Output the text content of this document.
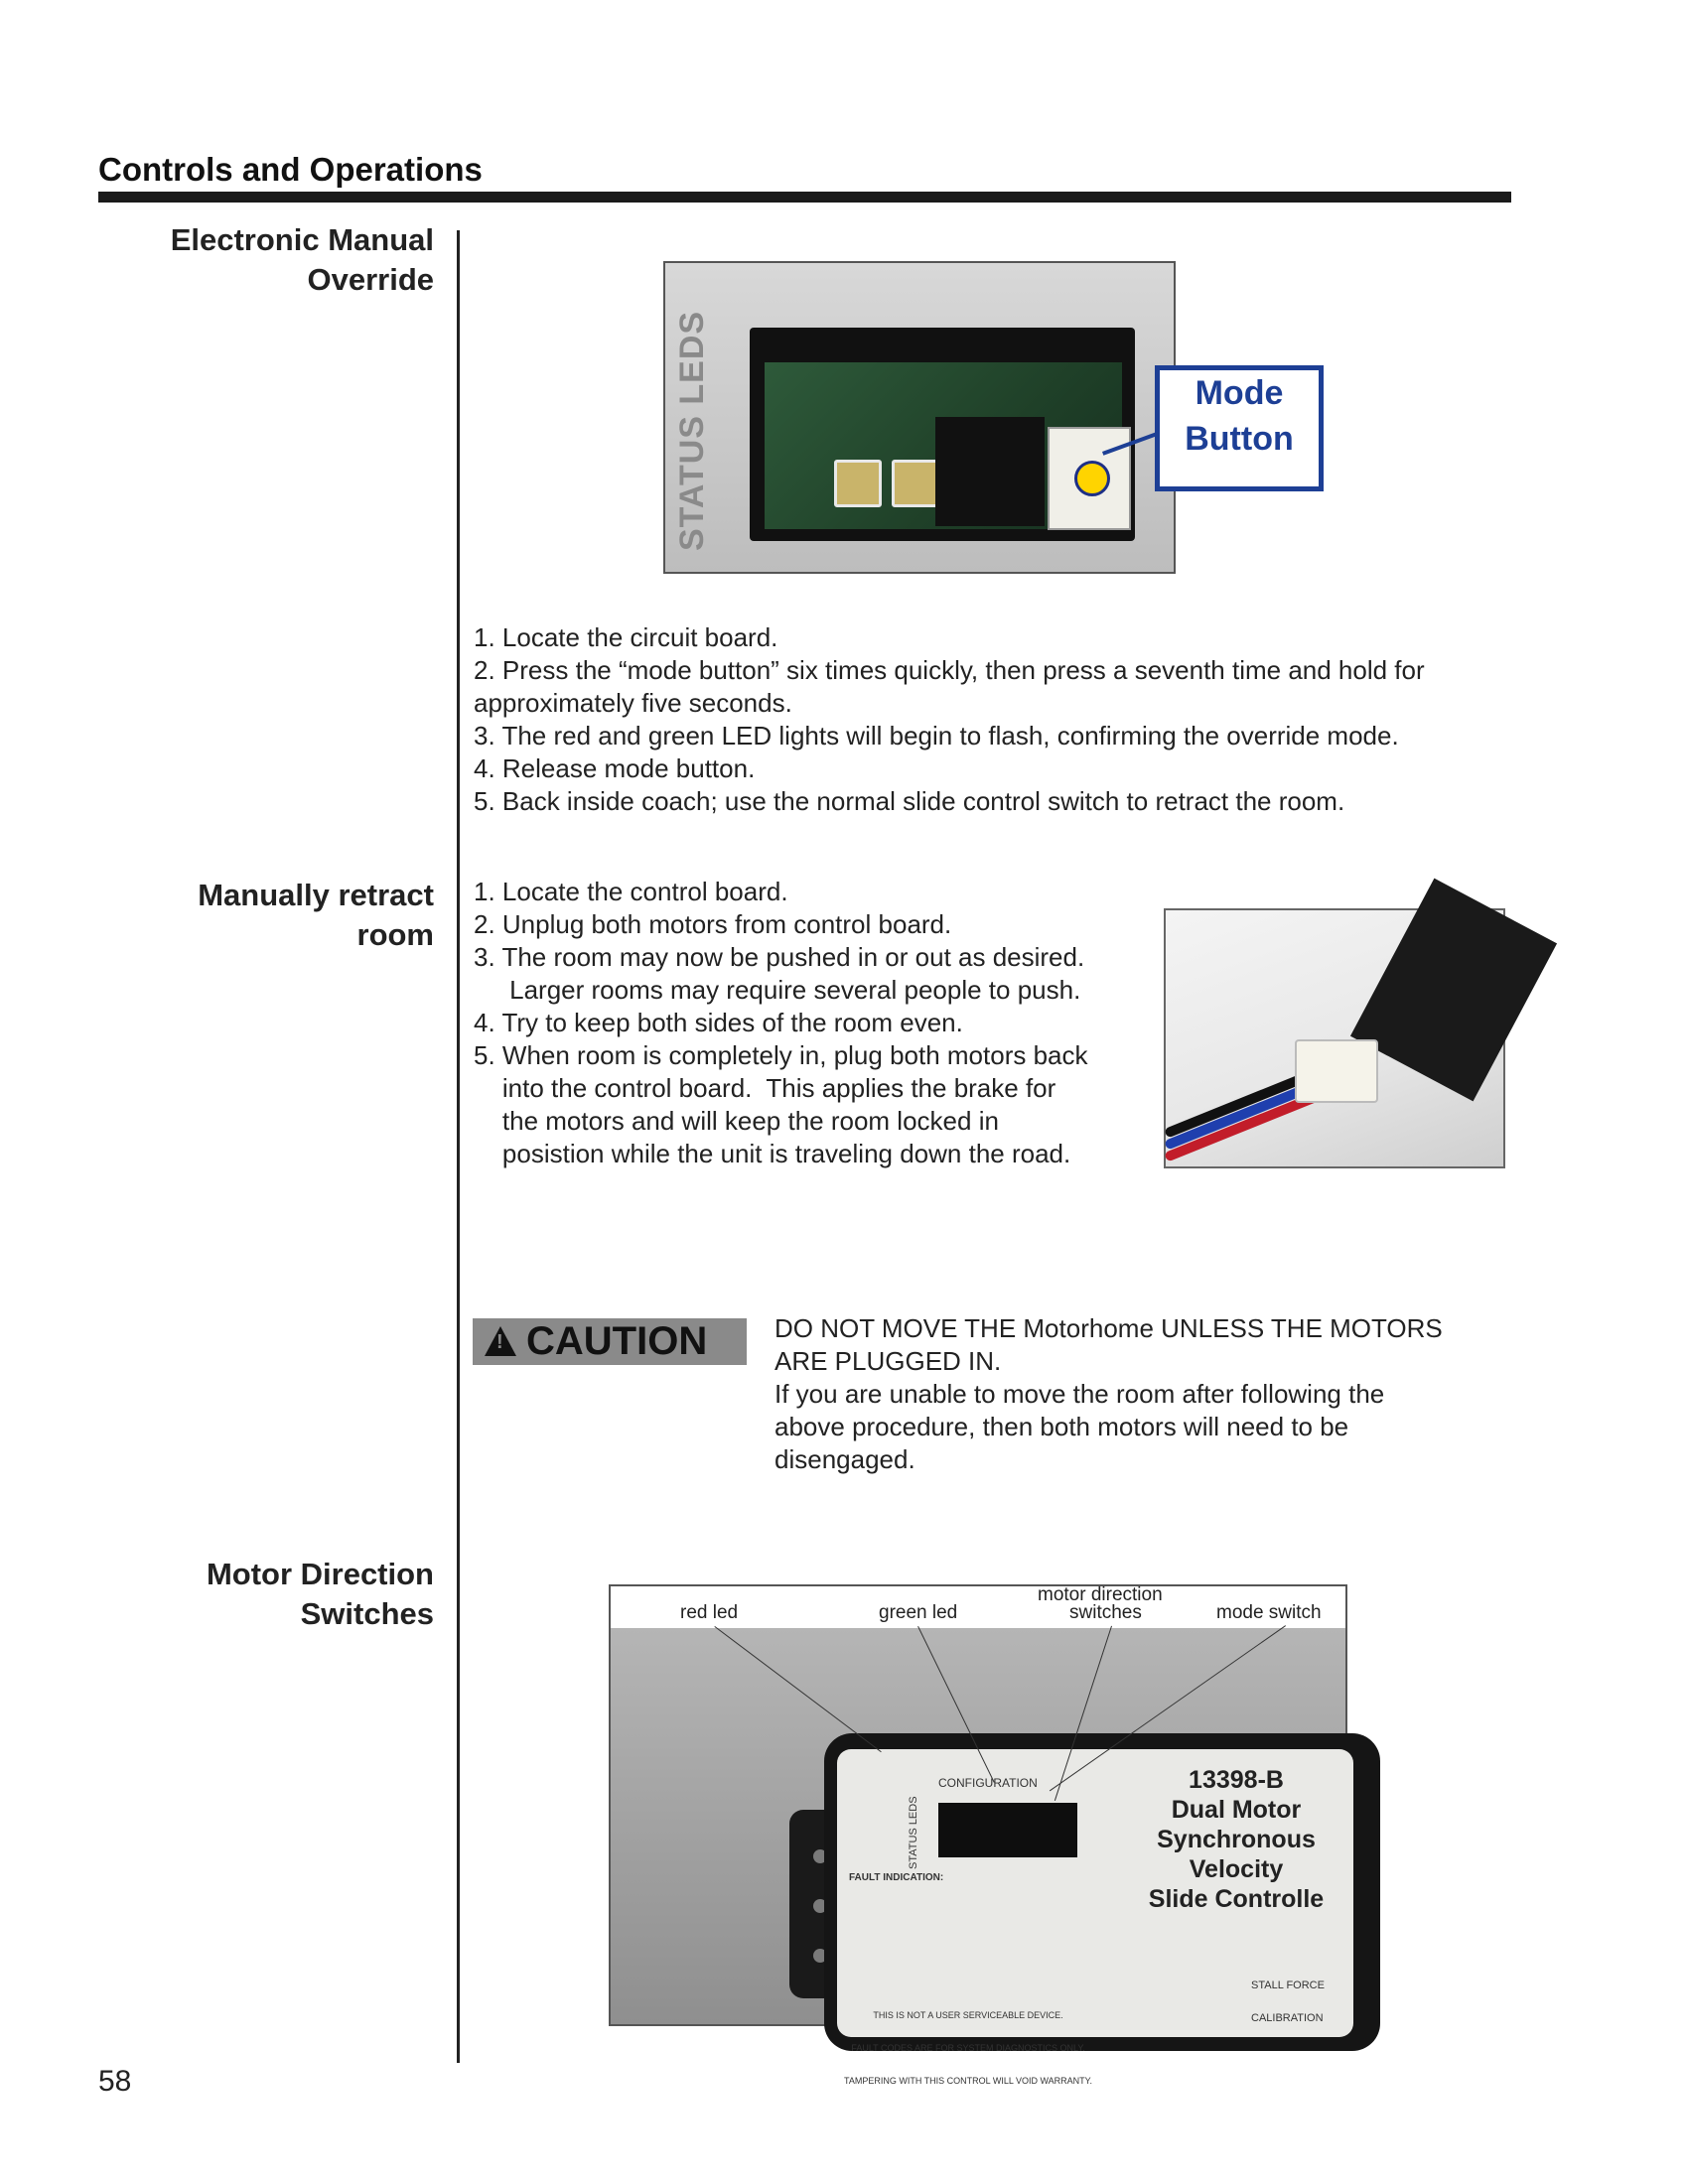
Controls and Operations
Electronic Manual
Override
Manually retract
room
Motor Direction
Switches
STATUS LEDS	Mode
Button
1. Locate the circuit board.
2. Press the “mode button” six times quickly, then press a seventh time and hold for
approximately five seconds.
3. The red and green LED lights will begin to flash, confirming the override mode.
4. Release mode button.
5. Back inside coach; use the normal slide control switch to retract the room.
1. Locate the control board.
2. Unplug both motors from control board.
3. The room may now be pushed in or out as desired.
Larger rooms may require several people to push.
4. Try to keep both sides of the room even.
5. When room is completely in, plug both motors back
into the control board.  This applies the brake for
the motors and will keep the room locked in
posistion while the unit is traveling down the road.
!CAUTION	DO NOT MOVE THE Motorhome UNLESS THE MOTORS
ARE PLUGGED IN.
If you are unable to move the room after following the
above procedure, then both motors will need to be
disengaged.
red led	green led
motor direction
switches	mode switch
CONFIGURATION
STATUS LEDS
13398-B
Dual Motor
Synchronous
Velocity
Slide Controlle
FAULT INDICATION:

STALL FORCE

CALIBRATION

THIS IS NOT A USER SERVICEABLE DEVICE.

FAULT CODES ARE FOR SYSTEM DIAGNOSTICS ONLY.

TAMPERING WITH THIS CONTROL WILL VOID WARRANTY.

58
